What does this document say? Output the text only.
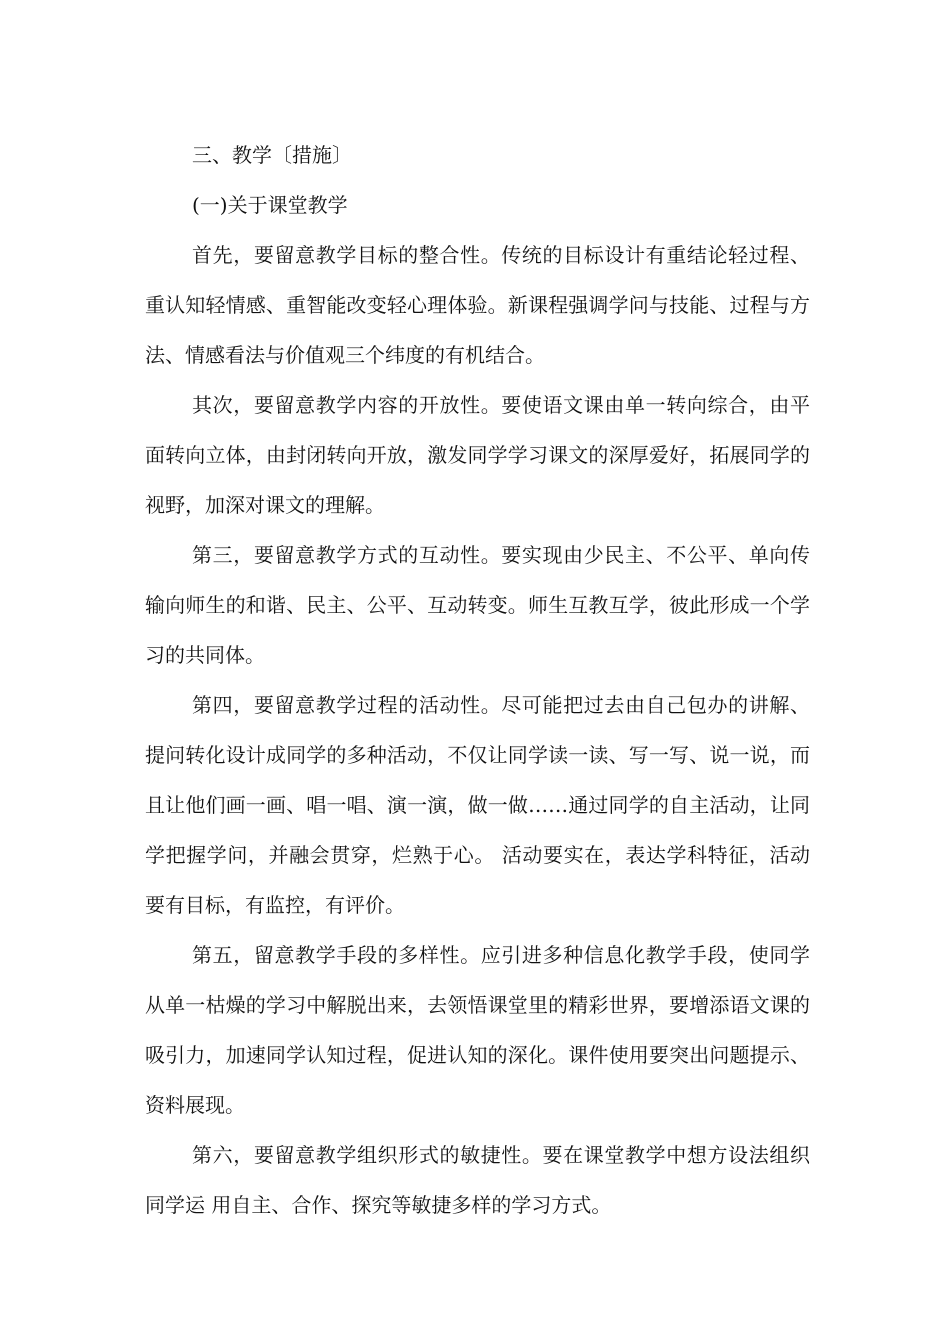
三、教学〔措施〕

(一)关于课堂教学

首先，要留意教学目标的整合性。传统的目标设计有重结论轻过程、重认知轻情感、重智能改变轻心理体验。新课程强调学问与技能、过程与方法、情感看法与价值观三个纬度的有机结合。

其次，要留意教学内容的开放性。要使语文课由单一转向综合，由平面转向立体，由封闭转向开放，激发同学学习课文的深厚爱好，拓展同学的视野，加深对课文的理解。

第三，要留意教学方式的互动性。要实现由少民主、不公平、单向传输向师生的和谐、民主、公平、互动转变。师生互教互学，彼此形成一个学习的共同体。

第四，要留意教学过程的活动性。尽可能把过去由自己包办的讲解、提问转化设计成同学的多种活动，不仅让同学读一读、写一写、说一说，而且让他们画一画、唱一唱、演一演，做一做……通过同学的自主活动，让同学把握学问，并融会贯穿，烂熟于心。 活动要实在，表达学科特征，活动要有目标，有监控，有评价。

第五，留意教学手段的多样性。应引进多种信息化教学手段，使同学从单一枯燥的学习中解脱出来，去领悟课堂里的精彩世界，要增添语文课的吸引力，加速同学认知过程，促进认知的深化。课件使用要突出问题提示、资料展现。

第六，要留意教学组织形式的敏捷性。要在课堂教学中想方设法组织同学运 用自主、合作、探究等敏捷多样的学习方式。
